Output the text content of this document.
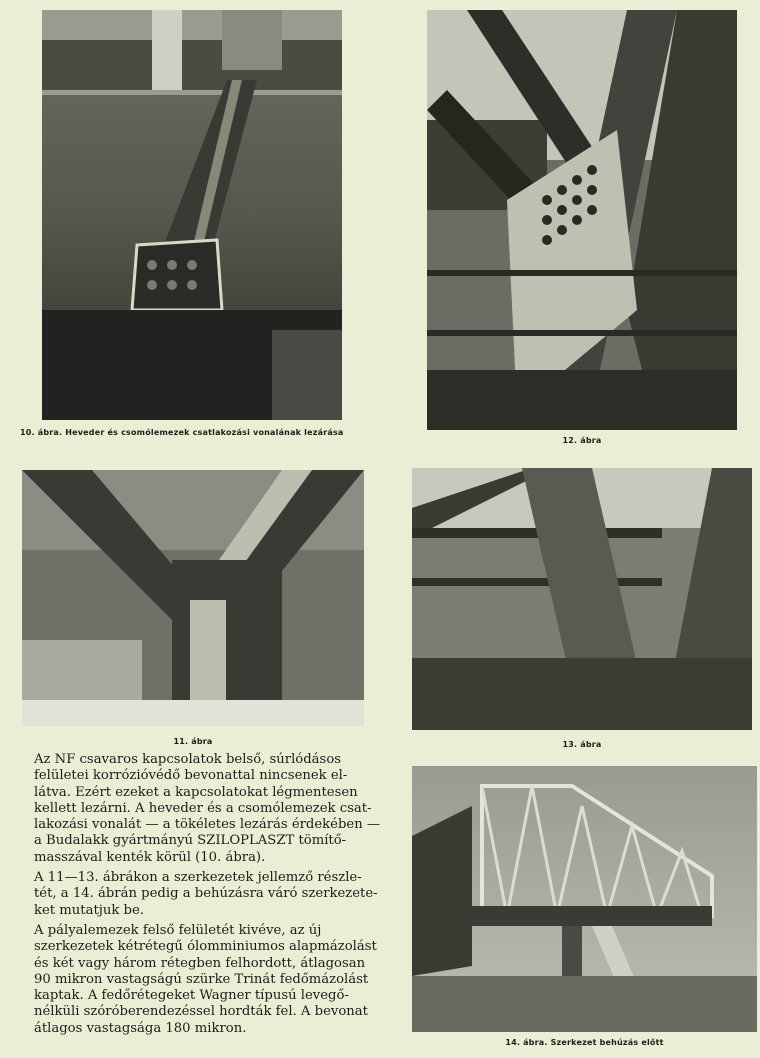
10. ábra. Heveder és csomólemezek csatlakozási vonalának lezárása
12. ábra
11. ábra	13. ábra
14. ábra. Szerkezet behúzás előtt

Az NF csavaros kapcsolatok belső, súrlódásos
felületei korrózióvédő bevonattal nincsenek el-
látva. Ezért ezeket a kapcsolatokat légmentesen
kellett lezárni. A heveder és a csomólemezek csat-
lakozási vonalát — a tökéletes lezárás érdekében —
a Budalakk gyártmányú SZILOPLASZT tömítő-
masszával kenték körül (10. ábra).

A 11—13. ábrákon a szerkezetek jellemző részle-
tét, a 14. ábrán pedig a behúzásra váró szerkezete-
ket mutatjuk be.

A pályalemezek felső felületét kivéve, az új
szerkezetek kétrétegű ólomminiumos alapmázolást
és két vagy három rétegben felhordott, átlagosan
90 mikron vastagságú szürke Trinát fedőmázolást
kaptak. A fedőrétegeket Wagner típusú levegő-
nélküli szóróberendezéssel hordták fel. A bevonat
átlagos vastagsága 180 mikron.
